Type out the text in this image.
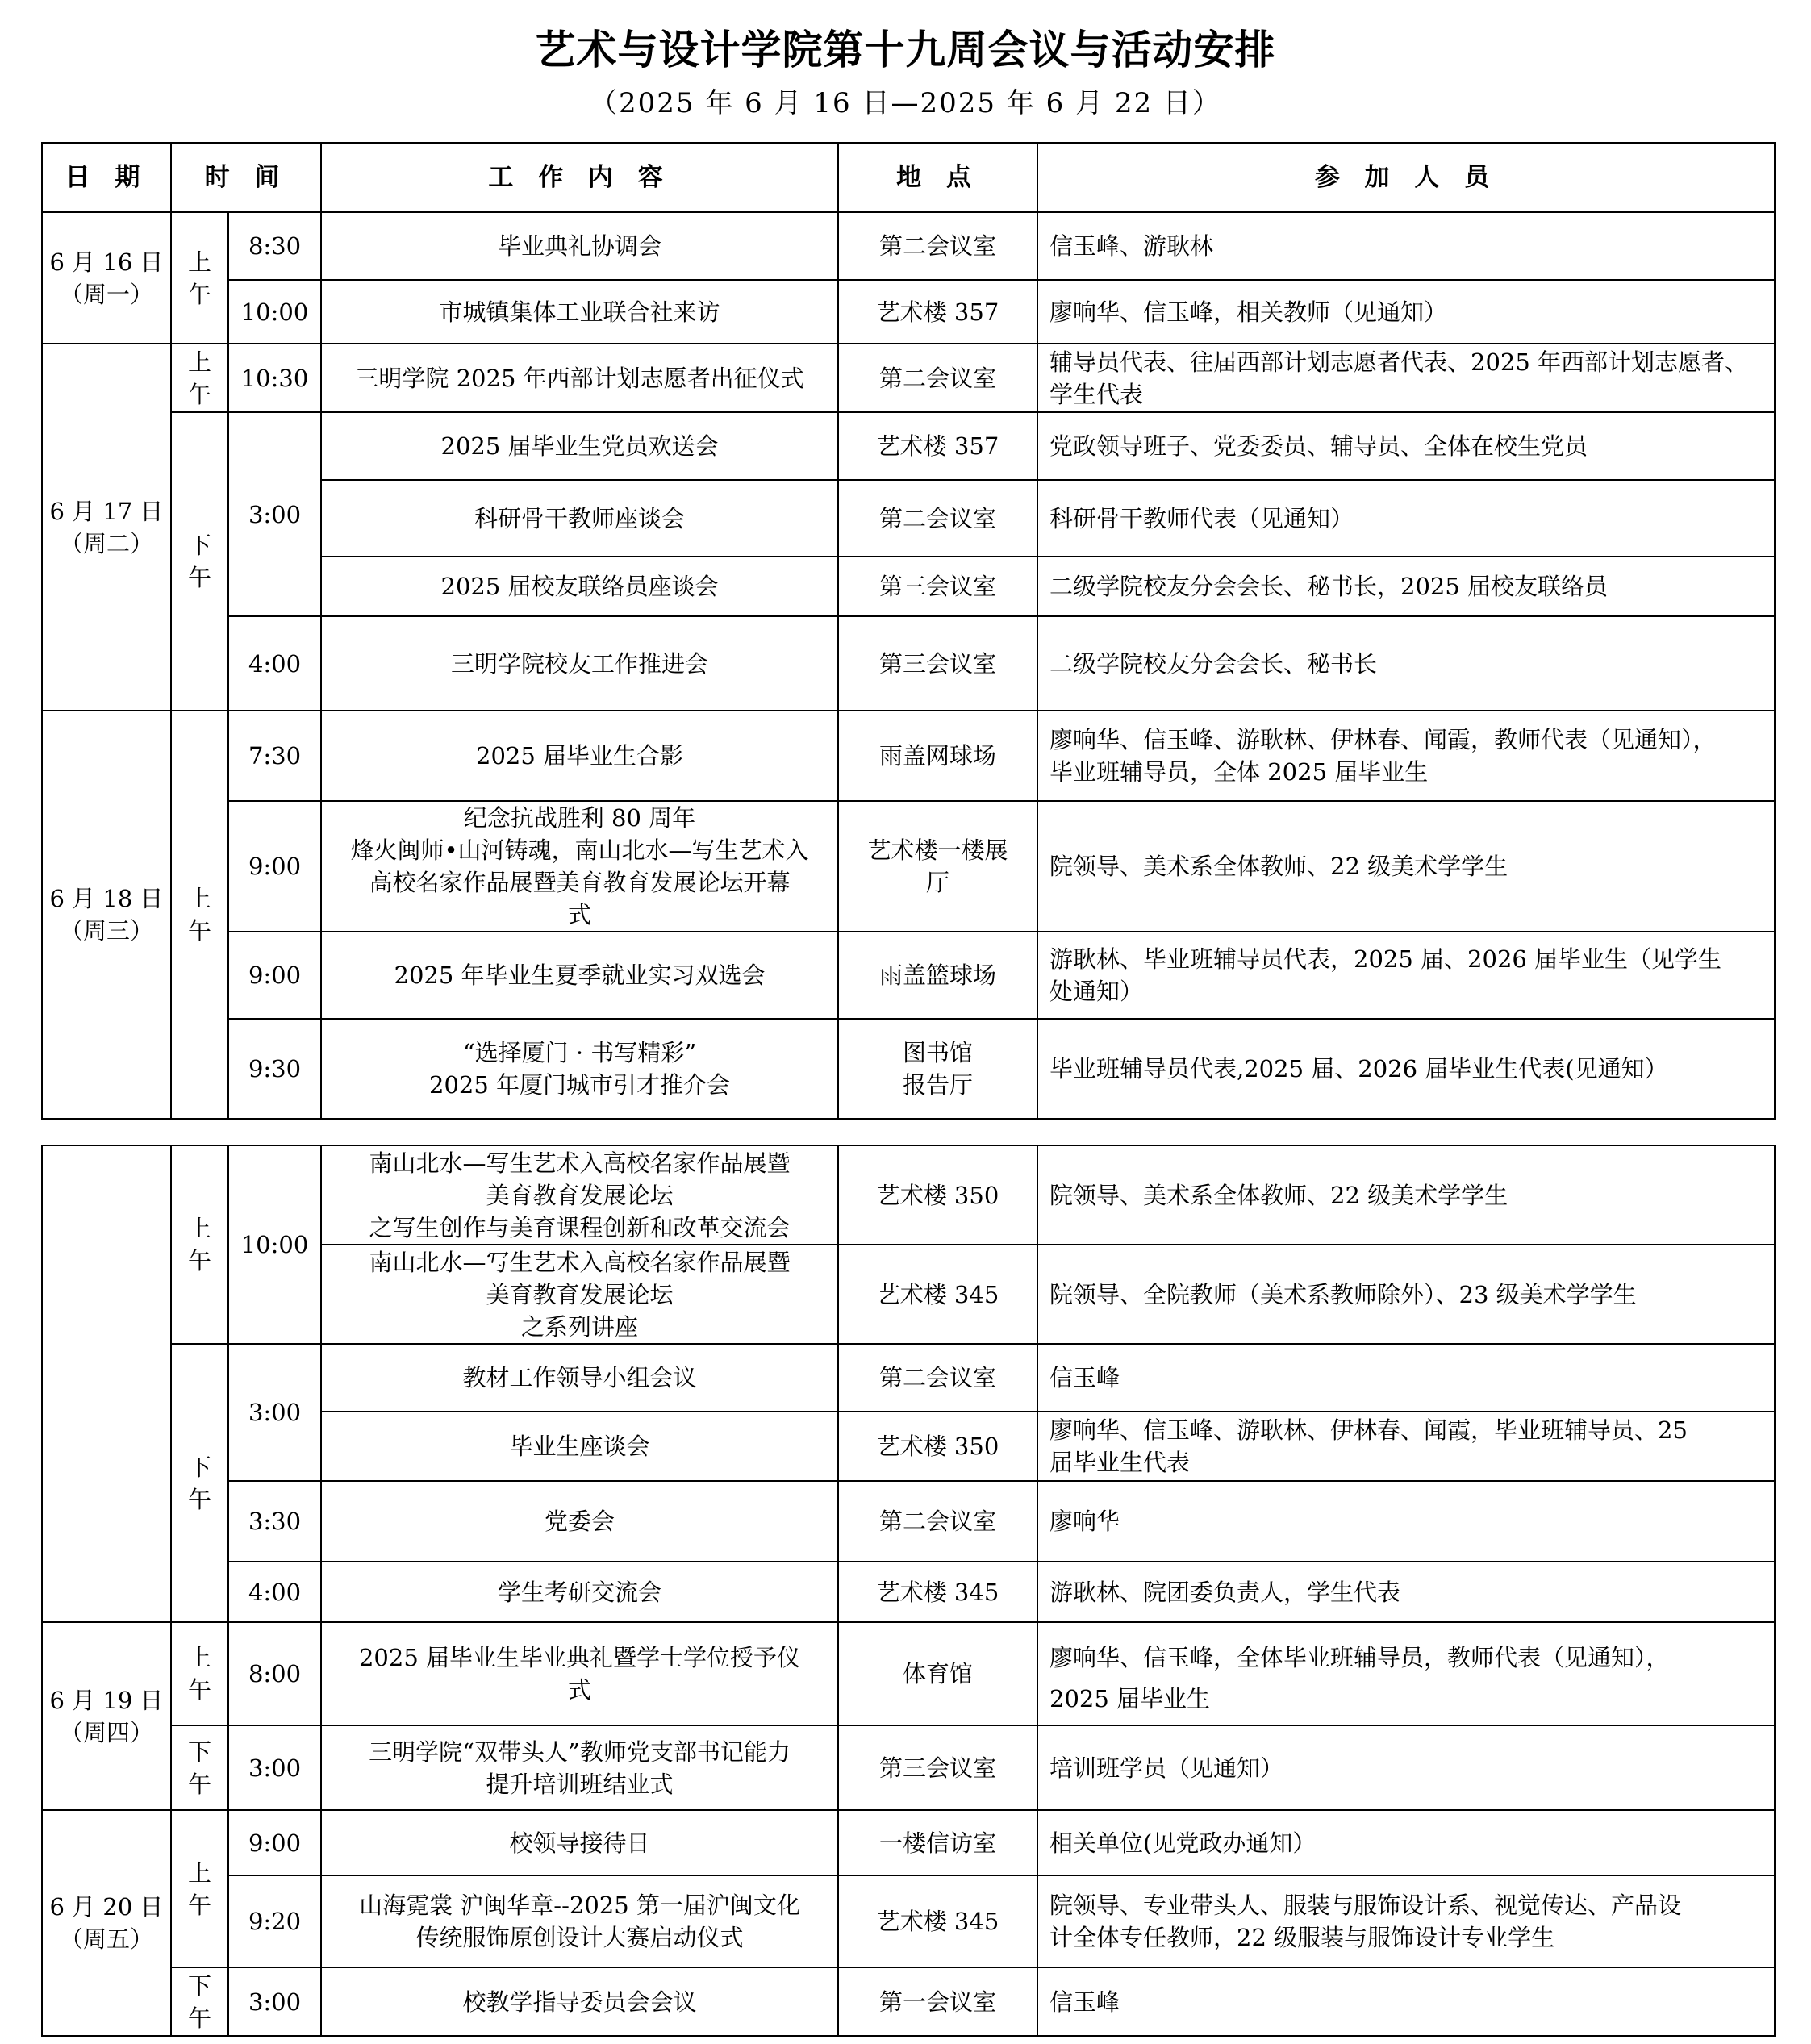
艺术与设计学院第十九周会议与活动安排
（2025 年 6 月 16 日—2025 年 6 月 22 日）
日 期	时 间		工 作 内 容	地 点	参 加 人 员

6 月 16 日
（周一）	上
午	8:30	毕业典礼协调会	第二会议室	信玉峰、游耿林
		10:00	市城镇集体工业联合社来访	艺术楼 357	廖响华、信玉峰，相关教师（见通知）

6 月 17 日
（周二）	上
午	10:30	三明学院 2025 年西部计划志愿者出征仪式	第二会议室	辅导员代表、往届西部计划志愿者代表、2025 年西部计划志愿者、学生代表

	下
午	3:00	2025 届毕业生党员欢送会	艺术楼 357	党政领导班子、党委委员、辅导员、全体在校生党员
			科研骨干教师座谈会	第二会议室	科研骨干教师代表（见通知）
			2025 届校友联络员座谈会	第三会议室	二级学院校友分会会长、秘书长，2025 届校友联络员
		4:00	三明学院校友工作推进会	第三会议室	二级学院校友分会会长、秘书长

6 月 18 日
（周三）	上
午	7:30	2025 届毕业生合影	雨盖网球场	廖响华、信玉峰、游耿林、伊林春、闻霞，教师代表（见通知），
毕业班辅导员，全体 2025 届毕业生

		9:00	纪念抗战胜利 80 周年
烽火闽师•山河铸魂，南山北水—写生艺术入
高校名家作品展暨美育教育发展论坛开幕
式	艺术楼一楼展
厅	院领导、美术系全体教师、22 级美术学学生
		9:00	2025 年毕业生夏季就业实习双选会	雨盖篮球场	游耿林、毕业班辅导员代表，2025 届、2026 届毕业生（见学生
处通知）

		9:30	“选择厦门 · 书写精彩”
2025 年厦门城市引才推介会	图书馆
报告厅	毕业班辅导员代表,2025 届、2026 届毕业生代表(见通知）

	上
午	10:00	南山北水—写生艺术入高校名家作品展暨
美育教育发展论坛
之写生创作与美育课程创新和改革交流会	艺术楼 350	院领导、美术系全体教师、22 级美术学学生

			南山北水—写生艺术入高校名家作品展暨
美育教育发展论坛
之系列讲座	艺术楼 345	院领导、全院教师（美术系教师除外）、23 级美术学学生

	下
午	3:00	教材工作领导小组会议	第二会议室	信玉峰
			毕业生座谈会	艺术楼 350	廖响华、信玉峰、游耿林、伊林春、闻霞，毕业班辅导员、25
届毕业生代表

		3:30	党委会	第二会议室	廖响华
		4:00	学生考研交流会	艺术楼 345	游耿林、院团委负责人，学生代表

6 月 19 日
（周四）	上
午	8:00	2025 届毕业生毕业典礼暨学士学位授予仪
式	体育馆	廖响华、信玉峰，全体毕业班辅导员，教师代表（见通知），
2025 届毕业生

	下
午	3:00	三明学院“双带头人”教师党支部书记能力
提升培训班结业式	第三会议室	培训班学员（见通知）

6 月 20 日
（周五）	上
午	9:00	校领导接待日	一楼信访室	相关单位(见党政办通知）
		9:20	山海霓裳 沪闽华章--2025 第一届沪闽文化
传统服饰原创设计大赛启动仪式	艺术楼 345	院领导、专业带头人、服装与服饰设计系、视觉传达、产品设
计全体专任教师，22 级服装与服饰设计专业学生

	下
午	3:00	校教学指导委员会会议	第一会议室	信玉峰
